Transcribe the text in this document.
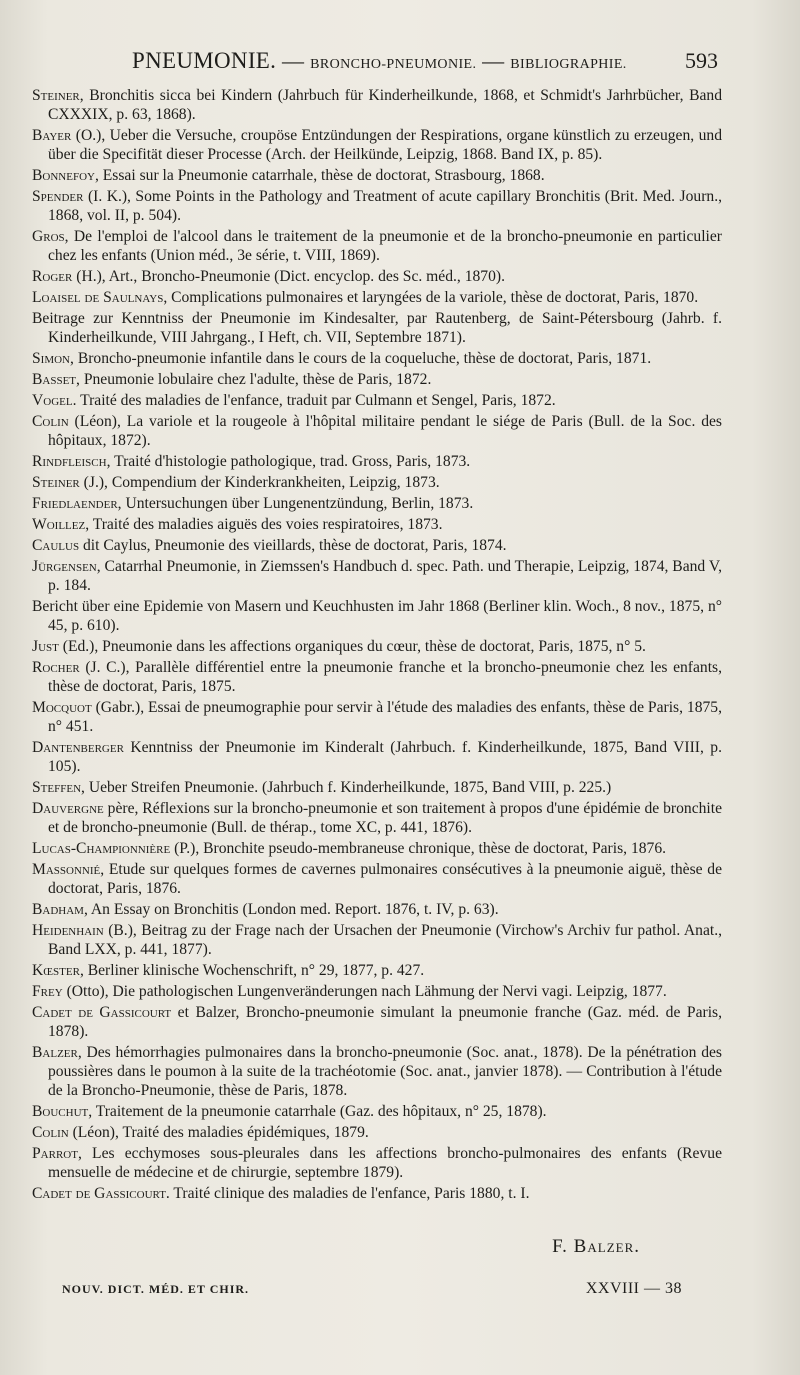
PNEUMONIE. — BRONCHO-PNEUMONIE. — BIBLIOGRAPHIE.	593

Steiner, Bronchitis sicca bei Kindern (Jahrbuch für Kinderheilkunde, 1868, et Schmidt's Jarhrbücher, Band CXXXIX, p. 63, 1868).

Bayer (O.), Ueber die Versuche, croupöse Entzündungen der Respirations, organe künstlich zu erzeugen, und über die Specifität dieser Processe (Arch. der Heilkünde, Leipzig, 1868. Band IX, p. 85).

Bonnefoy, Essai sur la Pneumonie catarrhale, thèse de doctorat, Strasbourg, 1868.

Spender (I. K.), Some Points in the Pathology and Treatment of acute capillary Bronchitis (Brit. Med. Journ., 1868, vol. II, p. 504).

Gros, De l'emploi de l'alcool dans le traitement de la pneumonie et de la broncho-pneumonie en particulier chez les enfants (Union méd., 3e série, t. VIII, 1869).

Roger (H.), Art., Broncho-Pneumonie (Dict. encyclop. des Sc. méd., 1870).

Loaisel de Saulnays, Complications pulmonaires et laryngées de la variole, thèse de doctorat, Paris, 1870.

Beitrage zur Kenntniss der Pneumonie im Kindesalter, par Rautenberg, de Saint-Pétersbourg (Jahrb. f. Kinderheilkunde, VIII Jahrgang., I Heft, ch. VII, Septembre 1871).

Simon, Broncho-pneumonie infantile dans le cours de la coqueluche, thèse de doctorat, Paris, 1871.

Basset, Pneumonie lobulaire chez l'adulte, thèse de Paris, 1872.

Vogel. Traité des maladies de l'enfance, traduit par Culmann et Sengel, Paris, 1872.

Colin (Léon), La variole et la rougeole à l'hôpital militaire pendant le siége de Paris (Bull. de la Soc. des hôpitaux, 1872).

Rindfleisch, Traité d'histologie pathologique, trad. Gross, Paris, 1873.

Steiner (J.), Compendium der Kinderkrankheiten, Leipzig, 1873.

Friedlaender, Untersuchungen über Lungenentzündung, Berlin, 1873.

Woillez, Traité des maladies aiguës des voies respiratoires, 1873.

Caulus dit Caylus, Pneumonie des vieillards, thèse de doctorat, Paris, 1874.

Jürgensen, Catarrhal Pneumonie, in Ziemssen's Handbuch d. spec. Path. und Therapie, Leipzig, 1874, Band V, p. 184.

Bericht über eine Epidemie von Masern und Keuchhusten im Jahr 1868 (Berliner klin. Woch., 8 nov., 1875, n° 45, p. 610).

Just (Ed.), Pneumonie dans les affections organiques du cœur, thèse de doctorat, Paris, 1875, n° 5.

Rocher (J. C.), Parallèle différentiel entre la pneumonie franche et la broncho-pneumonie chez les enfants, thèse de doctorat, Paris, 1875.

Mocquot (Gabr.), Essai de pneumographie pour servir à l'étude des maladies des enfants, thèse de Paris, 1875, n° 451.

Dantenberger Kenntniss der Pneumonie im Kinderalt (Jahrbuch. f. Kinderheilkunde, 1875, Band VIII, p. 105).

Steffen, Ueber Streifen Pneumonie. (Jahrbuch f. Kinderheilkunde, 1875, Band VIII, p. 225.)

Dauvergne père, Réflexions sur la broncho-pneumonie et son traitement à propos d'une épidémie de bronchite et de broncho-pneumonie (Bull. de thérap., tome XC, p. 441, 1876).

Lucas-Championnière (P.), Bronchite pseudo-membraneuse chronique, thèse de doctorat, Paris, 1876.

Massonnié, Etude sur quelques formes de cavernes pulmonaires consécutives à la pneumonie aiguë, thèse de doctorat, Paris, 1876.

Badham, An Essay on Bronchitis (London med. Report. 1876, t. IV, p. 63).

Heidenhain (B.), Beitrag zu der Frage nach der Ursachen der Pneumonie (Virchow's Archiv fur pathol. Anat., Band LXX, p. 441, 1877).

Kœster, Berliner klinische Wochenschrift, n° 29, 1877, p. 427.

Frey (Otto), Die pathologischen Lungenveränderungen nach Lähmung der Nervi vagi. Leipzig, 1877.

Cadet de Gassicourt et Balzer, Broncho-pneumonie simulant la pneumonie franche (Gaz. méd. de Paris, 1878).

Balzer, Des hémorrhagies pulmonaires dans la broncho-pneumonie (Soc. anat., 1878). De la pénétration des poussières dans le poumon à la suite de la trachéotomie (Soc. anat., janvier 1878). — Contribution à l'étude de la Broncho-Pneumonie, thèse de Paris, 1878.

Bouchut, Traitement de la pneumonie catarrhale (Gaz. des hôpitaux, n° 25, 1878).

Colin (Léon), Traité des maladies épidémiques, 1879.

Parrot, Les ecchymoses sous-pleurales dans les affections broncho-pulmonaires des enfants (Revue mensuelle de médecine et de chirurgie, septembre 1879).

Cadet de Gassicourt. Traité clinique des maladies de l'enfance, Paris 1880, t. I.

F. Balzer.
NOUV. DICT. MÉD. ET CHIR.	XXVIII — 38
